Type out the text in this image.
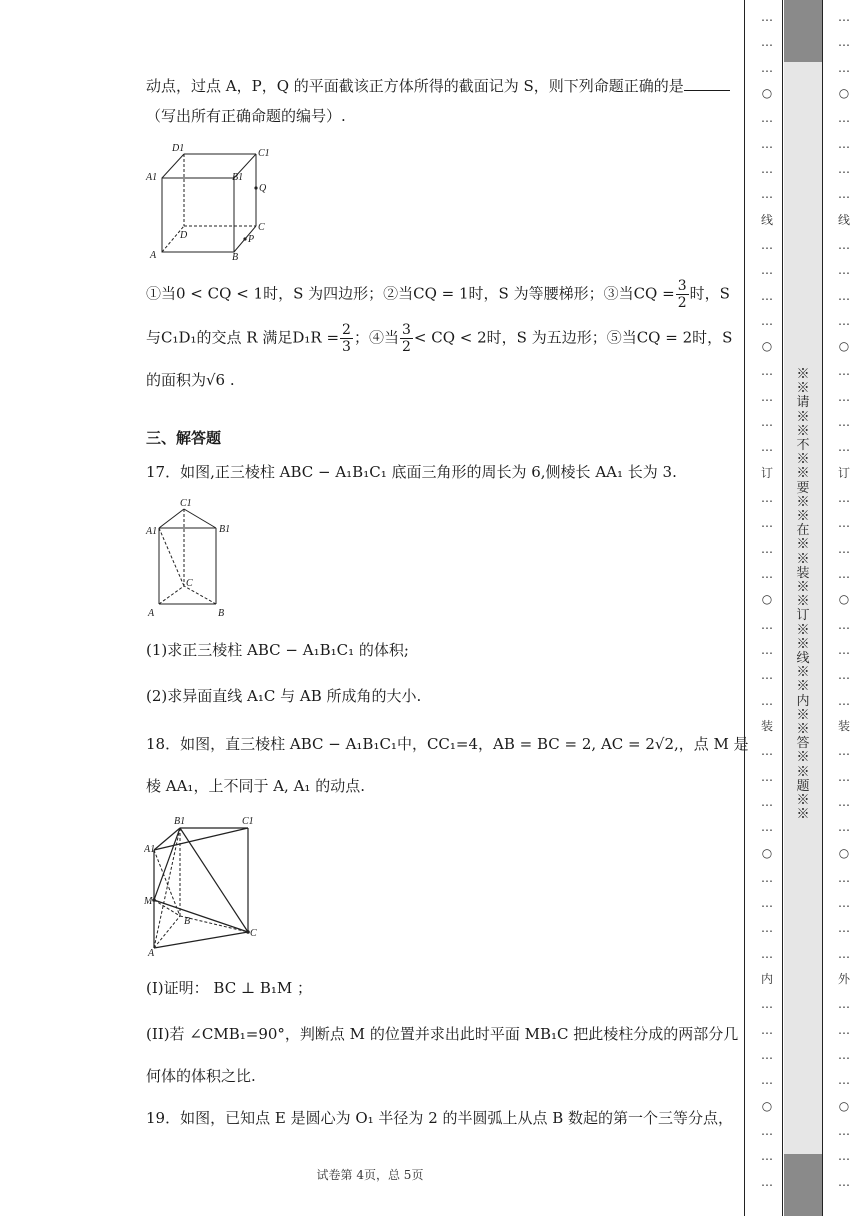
动点，过点 A，P，Q 的平面截该正方体所得的截面记为 S，则下列命题正确的是
（写出所有正确命题的编号）.
D1	C1
A1	B1
Q
C
D	P
A	B
①当0 < CQ < 1时，S 为四边形；②当CQ = 1时，S 为等腰梯形；③当CQ = $\frac{3}{2}$ 时，S
与C₁D₁的交点 R 满足$D_1R = \frac{2}{3}$ ；④当 $\frac{3}{2}$ < CQ < 2时，S 为五边形；⑤当CQ = 2时，S
的面积为√6 .
三、解答题
17．如图,正三棱柱 ABC − A₁B₁C₁ 底面三角形的周长为 6,侧棱长 AA₁ 长为 3.
C1
A1	B1
C
A	B
(1)求正三棱柱 ABC − A₁B₁C₁ 的体积;
(2)求异面直线 A₁C 与 AB 所成角的大小.
18．如图，直三棱柱 ABC − A₁B₁C₁中，CC₁=4，AB = BC = 2, AC = 2√2,，点 M 是
棱 AA₁，上不同于 A, A₁ 的动点.
B1	C1
A1
M
B
C
A
(I)证明： BC ⊥ B₁M ；
(II)若 ∠CMB₁=90°，判断点 M 的位置并求出此时平面 MB₁C 把此棱柱分成的两部分几
何体的体积之比.
19．如图，已知点 E 是圆心为 O₁ 半径为 2 的半圆弧上从点 B 数起的第一个三等分点，
试卷第 4页，总 5页
…
…
…
○
…
…
…
…
线
…
…
…
…
○
…
…
…
…
订
…
…
…
…
○
…
…
…
…
装
…
…
…
…
○
…
…
…
…
内
…
…
…
…
○
…
…
…
※※请※※不※※要※※在※※装※※订※※线※※内※※答※※题※※
…
…
…
○
…
…
…
…
线
…
…
…
…
○
…
…
…
…
订
…
…
…
…
○
…
…
…
…
装
…
…
…
…
○
…
…
…
…
外
…
…
…
…
○
…
…
…
